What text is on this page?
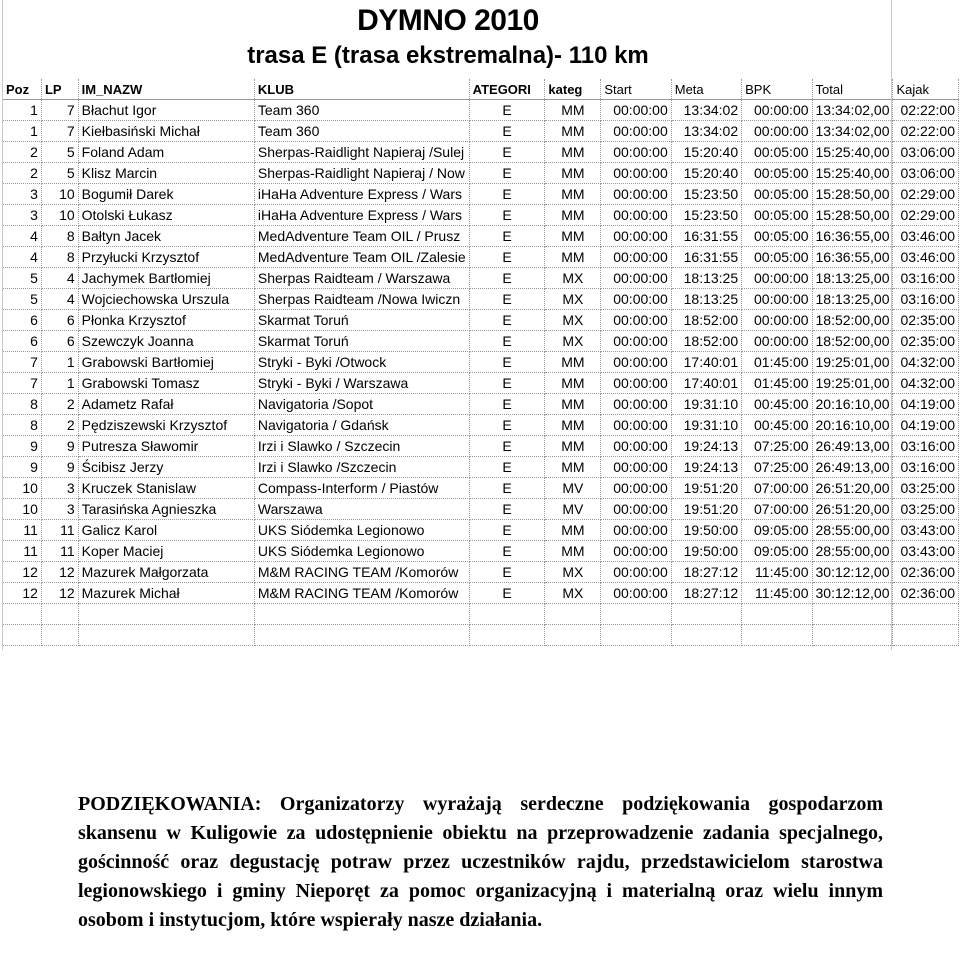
DYMNO 2010
trasa E (trasa ekstremalna)- 110 km
Poz	LP	IM_NAZW	KLUB	ATEGORI	kateg	Start	Meta	BPK	Total	Kajak
1	7	Błachut Igor	Team 360	E	MM	00:00:00	13:34:02	00:00:00	13:34:02,00	02:22:00
1	7	Kiełbasiński Michał	Team 360	E	MM	00:00:00	13:34:02	00:00:00	13:34:02,00	02:22:00
2	5	Foland Adam	Sherpas-Raidlight Napieraj /Sulej	E	MM	00:00:00	15:20:40	00:05:00	15:25:40,00	03:06:00
2	5	Klisz Marcin	Sherpas-Raidlight Napieraj / Now	E	MM	00:00:00	15:20:40	00:05:00	15:25:40,00	03:06:00
3	10	Bogumił Darek	iHaHa Adventure Express / Wars	E	MM	00:00:00	15:23:50	00:05:00	15:28:50,00	02:29:00
3	10	Otolski Łukasz	iHaHa Adventure Express / Wars	E	MM	00:00:00	15:23:50	00:05:00	15:28:50,00	02:29:00
4	8	Bałtyn Jacek	MedAdventure Team OIL / Prusz	E	MM	00:00:00	16:31:55	00:05:00	16:36:55,00	03:46:00
4	8	Przyłucki Krzysztof	MedAdventure Team OIL /Zalesie	E	MM	00:00:00	16:31:55	00:05:00	16:36:55,00	03:46:00
5	4	Jachymek Bartłomiej	Sherpas Raidteam / Warszawa	E	MX	00:00:00	18:13:25	00:00:00	18:13:25,00	03:16:00
5	4	Wojciechowska Urszula	Sherpas Raidteam /Nowa Iwiczn	E	MX	00:00:00	18:13:25	00:00:00	18:13:25,00	03:16:00
6	6	Płonka Krzysztof	Skarmat Toruń	E	MX	00:00:00	18:52:00	00:00:00	18:52:00,00	02:35:00
6	6	Szewczyk Joanna	Skarmat Toruń	E	MX	00:00:00	18:52:00	00:00:00	18:52:00,00	02:35:00
7	1	Grabowski Bartłomiej	Stryki - Byki /Otwock	E	MM	00:00:00	17:40:01	01:45:00	19:25:01,00	04:32:00
7	1	Grabowski Tomasz	Stryki - Byki / Warszawa	E	MM	00:00:00	17:40:01	01:45:00	19:25:01,00	04:32:00
8	2	Adametz Rafał	Navigatoria /Sopot	E	MM	00:00:00	19:31:10	00:45:00	20:16:10,00	04:19:00
8	2	Pędziszewski Krzysztof	Navigatoria / Gdańsk	E	MM	00:00:00	19:31:10	00:45:00	20:16:10,00	04:19:00
9	9	Putresza Sławomir	Irzi i Slawko / Szczecin	E	MM	00:00:00	19:24:13	07:25:00	26:49:13,00	03:16:00
9	9	Ścibisz Jerzy	Irzi i Slawko /Szczecin	E	MM	00:00:00	19:24:13	07:25:00	26:49:13,00	03:16:00
10	3	Kruczek Stanislaw	Compass-Interform / Piastów	E	MV	00:00:00	19:51:20	07:00:00	26:51:20,00	03:25:00
10	3	Tarasińska Agnieszka	Warszawa	E	MV	00:00:00	19:51:20	07:00:00	26:51:20,00	03:25:00
11	11	Galicz Karol	UKS Siódemka Legionowo	E	MM	00:00:00	19:50:00	09:05:00	28:55:00,00	03:43:00
11	11	Koper Maciej	UKS Siódemka Legionowo	E	MM	00:00:00	19:50:00	09:05:00	28:55:00,00	03:43:00
12	12	Mazurek Małgorzata	M&M RACING TEAM /Komorów	E	MX	00:00:00	18:27:12	11:45:00	30:12:12,00	02:36:00
12	12	Mazurek Michał	M&M RACING TEAM /Komorów	E	MX	00:00:00	18:27:12	11:45:00	30:12:12,00	02:36:00

PODZIĘKOWANIA: Organizatorzy wyrażają serdeczne podziękowania gospodarzom skansenu w Kuligowie za udostępnienie obiektu na przeprowadzenie zadania specjalnego, gościnność oraz degustację potraw przez uczestników rajdu, przedstawicielom starostwa legionowskiego i gminy Nieporęt za pomoc organizacyjną i materialną oraz wielu innym osobom i instytucjom, które wspierały nasze działania.
